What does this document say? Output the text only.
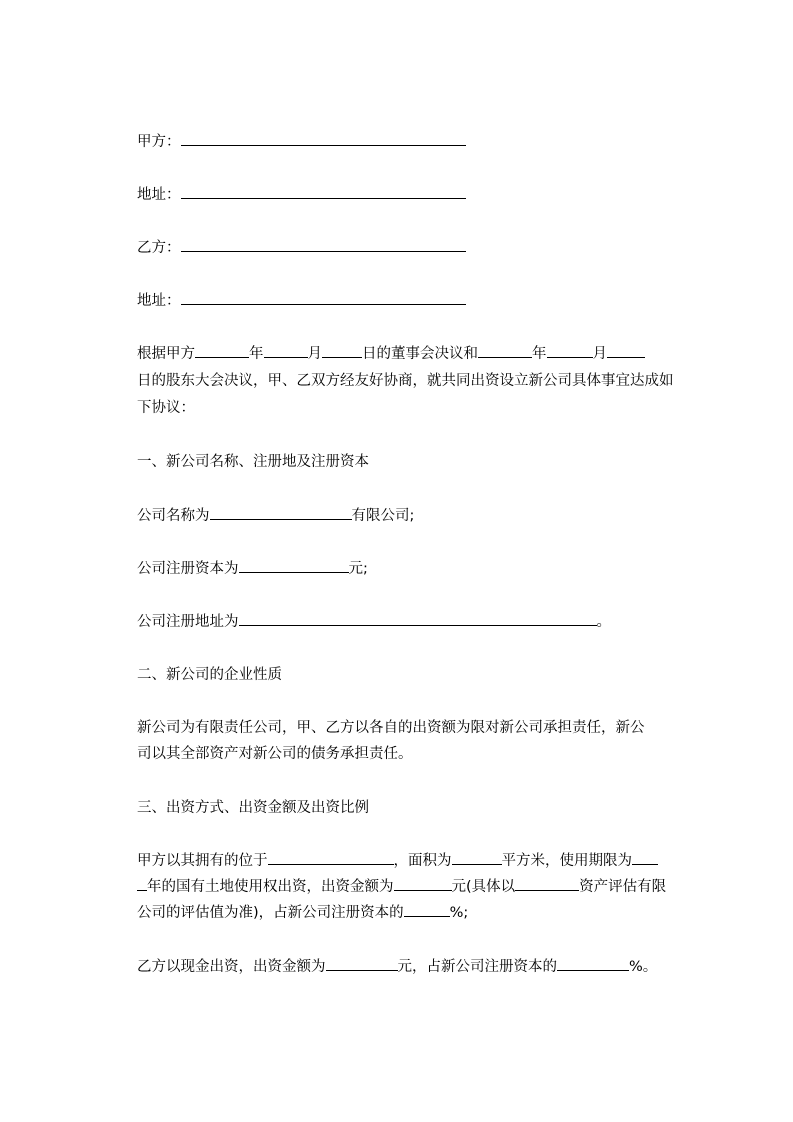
甲方：
地址：
乙方：
地址：
根据甲方	年	月	日的董事会决议和	年	月
日的股东大会决议，甲、乙双方经友好协商，就共同出资设立新公司具体事宜达成如
下协议：
一、新公司名称、注册地及注册资本
公司名称为	有限公司;
公司注册资本为	元;
公司注册地址为	。
二、新公司的企业性质
新公司为有限责任公司，甲、乙方以各自的出资额为限对新公司承担责任，新公
司以其全部资产对新公司的债务承担责任。
三、出资方式、出资金额及出资比例
甲方以其拥有的位于	，面积为	平方米，使用期限为
年的国有土地使用权出资，出资金额为	元(具体以	资产评估有限
公司的评估值为准)，占新公司注册资本的	%;
乙方以现金出资，出资金额为	元，占新公司注册资本的	%。
